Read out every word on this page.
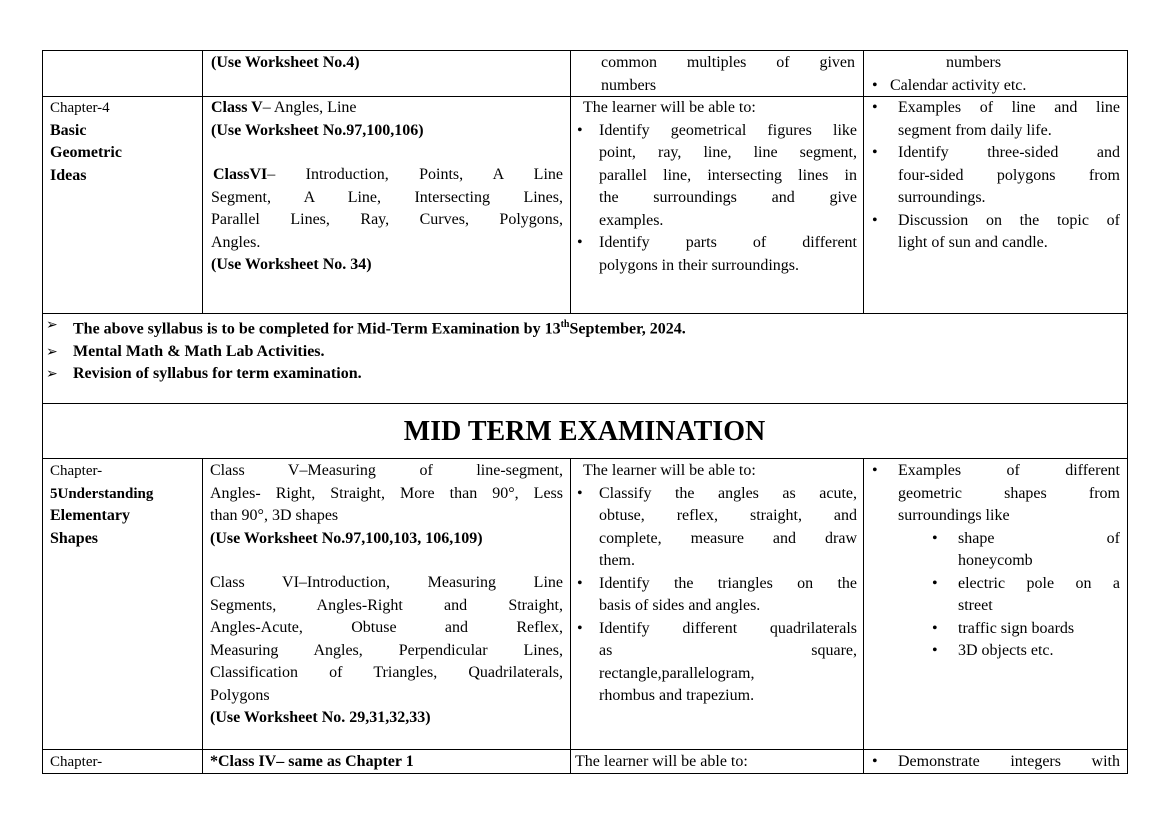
(Use Worksheet No.4)	common multiples of given
numbers
numbers
• Calendar activity etc.
Chapter-4
Basic
Geometric
Ideas
Class V– Angles, Line
(Use Worksheet No.97,100,106)
ClassVI– Introduction, Points, A Line
Segment, A Line, Intersecting Lines,
Parallel Lines, Ray, Curves, Polygons,
Angles.
(Use Worksheet No. 34)
The learner will be able to:
• Identify geometrical figures like
point, ray, line, line segment,
parallel line, intersecting lines in
the surroundings and give
examples.
• Identify parts of different
polygons in their surroundings.
• Examples of line and line
segment from daily life.
• Identify three-sided and
four-sided polygons from
surroundings.
• Discussion on the topic of
light of sun and candle.
➢ The above syllabus is to be completed for Mid-Term Examination by 13thSeptember, 2024.
➢ Mental Math & Math Lab Activities.
➢ Revision of syllabus for term examination.
MID TERM EXAMINATION
Chapter-
5Understanding
Elementary
Shapes
Class V–Measuring of line-segment,
Angles- Right, Straight, More than 90°, Less
than 90°, 3D shapes
(Use Worksheet No.97,100,103, 106,109)
Class VI–Introduction, Measuring Line
Segments, Angles-Right and Straight,
Angles-Acute, Obtuse and Reflex,
Measuring Angles, Perpendicular Lines,
Classification of Triangles, Quadrilaterals,
Polygons
(Use Worksheet No. 29,31,32,33)
The learner will be able to:
• Classify the angles as acute,
obtuse, reflex, straight, and
complete, measure and draw
them.
• Identify the triangles on the
basis of sides and angles.
• Identify different quadrilaterals
as square,
rectangle,parallelogram,
rhombus and trapezium.
• Examples of different
geometric shapes from
surroundings like
• shape of
honeycomb
• electric pole on a
street
• traffic sign boards
• 3D objects etc.
Chapter-	*Class IV– same as Chapter 1	The learner will be able to:
•	Demonstrate integers with
